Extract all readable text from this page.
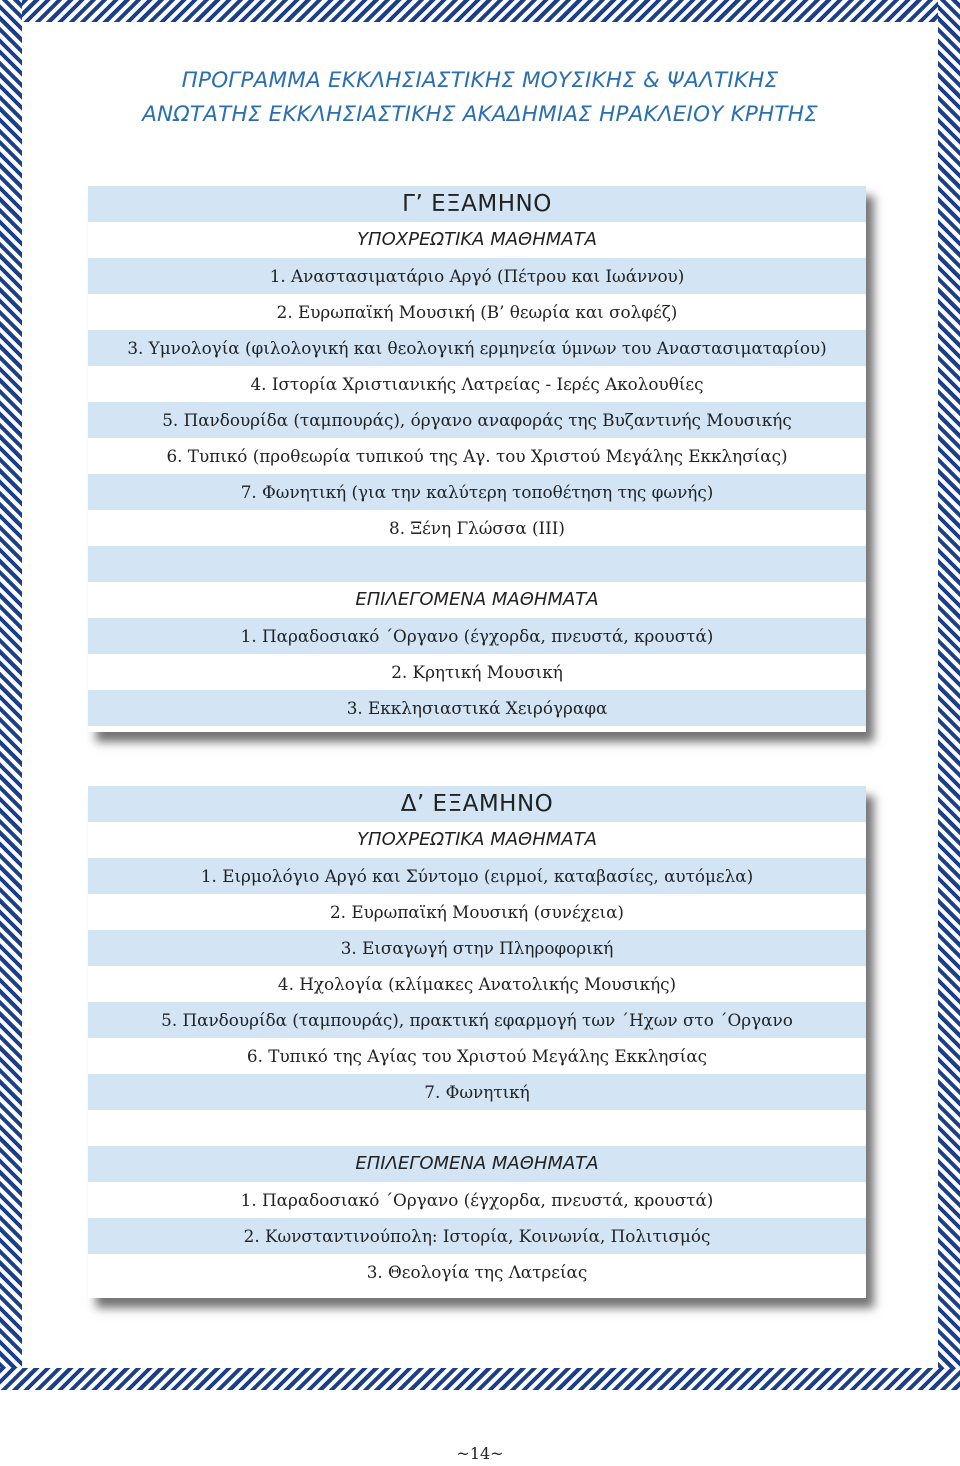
ΠΡΟΓΡΑΜΜΑ ΕΚΚΛΗΣΙΑΣΤΙΚΗΣ ΜΟΥΣΙΚΗΣ & ΨΑΛΤΙΚΗΣ
ΑΝΩΤΑΤΗΣ ΕΚΚΛΗΣΙΑΣΤΙΚΗΣ ΑΚΑΔΗΜΙΑΣ ΗΡΑΚΛΕΙΟΥ ΚΡΗΤΗΣ
Γ’ ΕΞΑΜΗΝΟ
ΥΠΟΧΡΕΩΤΙΚΑ ΜΑΘΗΜΑΤΑ
1. Αναστασιματάριο Αργό (Πέτρου και Ιωάννου)
2. Ευρωπαϊκή Μουσική (Β’ θεωρία και σολφέζ)
3. Υμνολογία (φιλολογική και θεολογική ερμηνεία ύμνων του Αναστασιματαρίου)
4. Ιστορία Χριστιανικής Λατρείας - Ιερές Ακολουθίες
5. Πανδουρίδα (ταμπουράς), όργανο αναφοράς της Βυζαντινής Μουσικής
6. Τυπικό (προθεωρία τυπικού της Αγ. του Χριστού Μεγάλης Εκκλησίας)
7. Φωνητική (για την καλύτερη τοποθέτηση της φωνής)
8. Ξένη Γλώσσα (ΙΙΙ)
ΕΠΙΛΕΓΟΜΕΝΑ ΜΑΘΗΜΑΤΑ
1. Παραδοσιακό ΄Οργανο (έγχορδα, πνευστά, κρουστά)
2. Κρητική Μουσική
3. Εκκλησιαστικά Χειρόγραφα
Δ’ ΕΞΑΜΗΝΟ
ΥΠΟΧΡΕΩΤΙΚΑ ΜΑΘΗΜΑΤΑ
1. Ειρμολόγιο Αργό και Σύντομο (ειρμοί, καταβασίες, αυτόμελα)
2. Ευρωπαϊκή Μουσική (συνέχεια)
3. Εισαγωγή στην Πληροφορική
4. Ηχολογία (κλίμακες Ανατολικής Μουσικής)
5. Πανδουρίδα (ταμπουράς), πρακτική εφαρμογή των ΄Ηχων στο ΄Οργανο
6. Τυπικό της Αγίας του Χριστού Μεγάλης Εκκλησίας
7. Φωνητική
ΕΠΙΛΕΓΟΜΕΝΑ ΜΑΘΗΜΑΤΑ
1. Παραδοσιακό ΄Οργανο (έγχορδα, πνευστά, κρουστά)
2. Κωνσταντινούπολη: Ιστορία, Κοινωνία, Πολιτισμός
3. Θεολογία της Λατρείας
~14~
